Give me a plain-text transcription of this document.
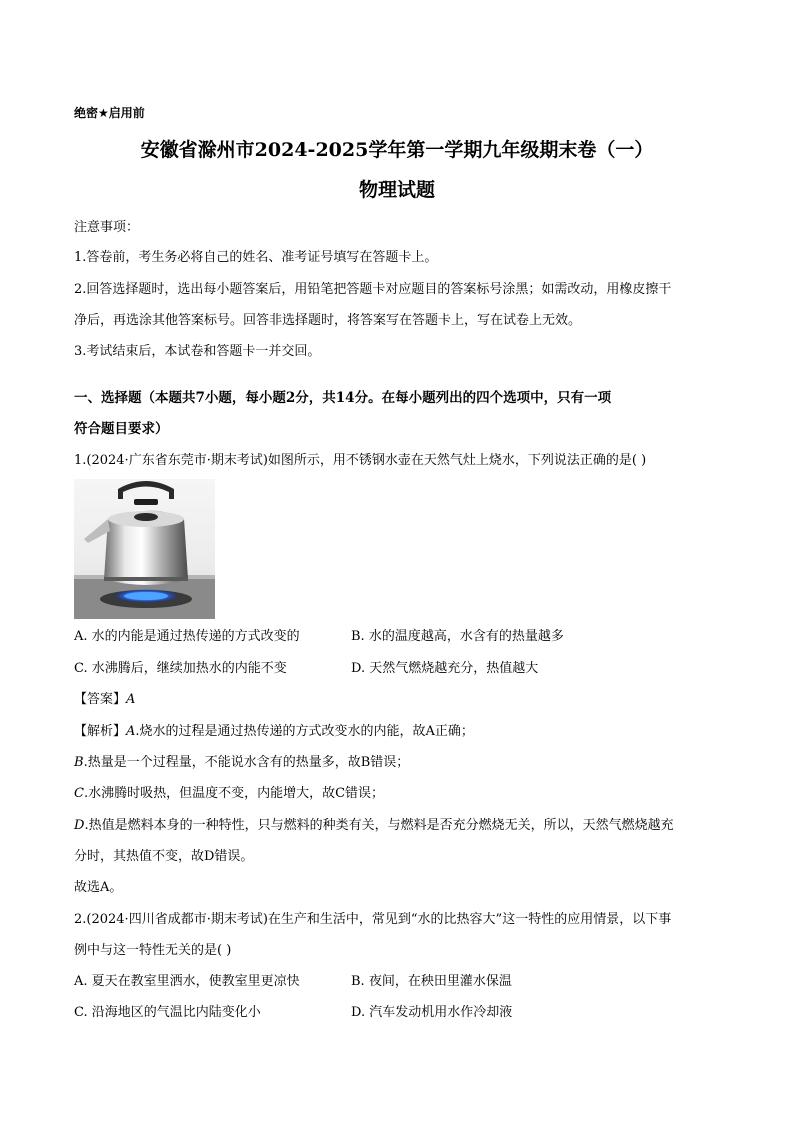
绝密★启用前
安徽省滁州市2024-2025学年第一学期九年级期末卷（一）
物理试题
注意事项：
1.答卷前，考生务必将自己的姓名、准考证号填写在答题卡上。
2.回答选择题时，选出每小题答案后，用铅笔把答题卡对应题目的答案标号涂黑；如需改动，用橡皮擦干
净后，再选涂其他答案标号。回答非选择题时，将答案写在答题卡上，写在试卷上无效。
3.考试结束后，本试卷和答题卡一并交回。
一、选择题（本题共7小题，每小题2分，共14分。在每小题列出的四个选项中，只有一项
符合题目要求）
1.(2024·广东省东莞市·期末考试)如图所示，用不锈钢水壶在天然气灶上烧水，下列说法正确的是( )
A. 水的内能是通过热传递的方式改变的	B. 水的温度越高，水含有的热量越多
C. 水沸腾后，继续加热水的内能不变	D. 天然气燃烧越充分，热值越大
【答案】A
【解析】A.烧水的过程是通过热传递的方式改变水的内能，故A正确；
B.热量是一个过程量，不能说水含有的热量多，故B错误；
C.水沸腾时吸热，但温度不变，内能增大，故C错误；
D.热值是燃料本身的一种特性，只与燃料的种类有关，与燃料是否充分燃烧无关，所以，天然气燃烧越充
分时，其热值不变，故D错误。
故选A。
2.(2024·四川省成都市·期末考试)在生产和生活中，常见到“水的比热容大”这一特性的应用情景，以下事
例中与这一特性无关的是( )
A. 夏天在教室里洒水，使教室里更凉快	B. 夜间，在秧田里灌水保温
C. 沿海地区的气温比内陆变化小	D. 汽车发动机用水作冷却液
